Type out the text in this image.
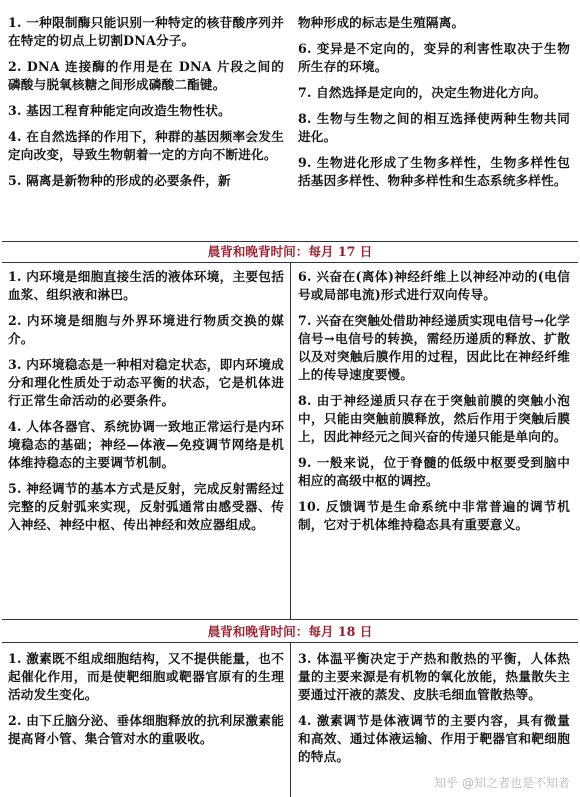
1. 一种限制酶只能识别一种特定的核苷酸序列并在特定的切点上切割DNA分子。
2. DNA 连接酶的作用是在 DNA 片段之间的磷酸与脱氧核糖之间形成磷酸二酯键。
3. 基因工程育种能定向改造生物性状。
4. 在自然选择的作用下，种群的基因频率会发生定向改变，导致生物朝着一定的方向不断进化。
5. 隔离是新物种的形成的必要条件，新
物种形成的标志是生殖隔离。
6. 变异是不定向的，变异的利害性取决于生物所生存的环境。
7. 自然选择是定向的，决定生物进化方向。
8. 生物与生物之间的相互选择使两种生物共同进化。
9. 生物进化形成了生物多样性，生物多样性包括基因多样性、物种多样性和生态系统多样性。
晨背和晚背时间：每月 17 日
1. 内环境是细胞直接生活的液体环境，主要包括血浆、组织液和淋巴。
2. 内环境是细胞与外界环境进行物质交换的媒介。
3. 内环境稳态是一种相对稳定状态，即内环境成分和理化性质处于动态平衡的状态，它是机体进行正常生命活动的必要条件。
4. 人体各器官、系统协调一致地正常运行是内环境稳态的基础；神经—体液—免疫调节网络是机体维持稳态的主要调节机制。
5. 神经调节的基本方式是反射，完成反射需经过完整的反射弧来实现，反射弧通常由感受器、传入神经、神经中枢、传出神经和效应器组成。
6. 兴奋在(离体)神经纤维上以神经冲动的(电信号或局部电流)形式进行双向传导。
7. 兴奋在突触处借助神经递质实现电信号→化学信号→电信号的转换，需经历递质的释放、扩散以及对突触后膜作用的过程，因此比在神经纤维上的传导速度要慢。
8. 由于神经递质只存在于突触前膜的突触小泡中，只能由突触前膜释放，然后作用于突触后膜上，因此神经元之间兴奋的传递只能是单向的。
9. 一般来说，位于脊髓的低级中枢要受到脑中相应的高级中枢的调控。
10. 反馈调节是生命系统中非常普遍的调节机制，它对于机体维持稳态具有重要意义。
晨背和晚背时间：每月 18 日
1. 激素既不组成细胞结构，又不提供能量，也不起催化作用，而是使靶细胞或靶器官原有的生理活动发生变化。
2. 由下丘脑分泌、垂体细胞释放的抗利尿激素能提高肾小管、集合管对水的重吸收。
3. 体温平衡决定于产热和散热的平衡，人体热量的主要来源是有机物的氧化放能，热量散失主要通过汗液的蒸发、皮肤毛细血管散热等。
4. 激素调节是体液调节的主要内容，具有微量和高效、通过体液运输、作用于靶器官和靶细胞的特点。
知乎 @知之者也是不知者
